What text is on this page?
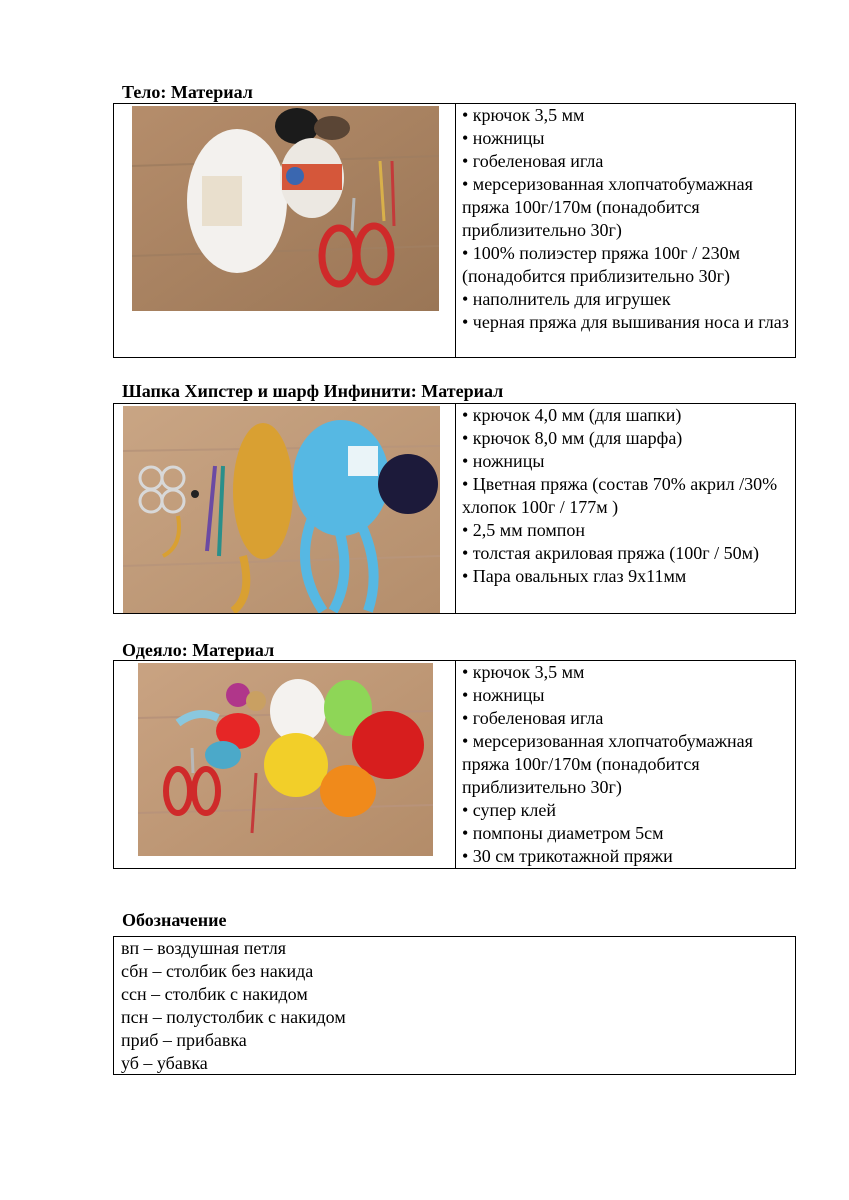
Тело: Материал
• крючок 3,5 мм
• ножницы
• гобеленовая игла
• мерсеризованная хлопчатобумажная пряжа 100г/170м (понадобится приблизительно 30г)
• 100% полиэстер пряжа 100г / 230м (понадобится приблизительно 30г)
• наполнитель для игрушек
• черная пряжа для вышивания носа и глаз
Шапка Хипстер и шарф Инфинити: Материал
• крючок 4,0 мм (для шапки)
• крючок 8,0 мм (для шарфа)
• ножницы
• Цветная пряжа (состав 70% акрил /30% хлопок 100г / 177м )
• 2,5 мм помпон
• толстая акриловая пряжа (100г / 50м)
• Пара овальных глаз 9х11мм
Одеяло: Материал
• крючок 3,5 мм
• ножницы
• гобеленовая игла
• мерсеризованная хлопчатобумажная пряжа 100г/170м (понадобится приблизительно 30г)
• супер клей
• помпоны диаметром 5см
• 30 см трикотажной пряжи
Обозначение
вп – воздушная петля
сбн – столбик без накида
ссн – столбик с накидом
псн – полустолбик с накидом
приб – прибавка
уб – убавка
